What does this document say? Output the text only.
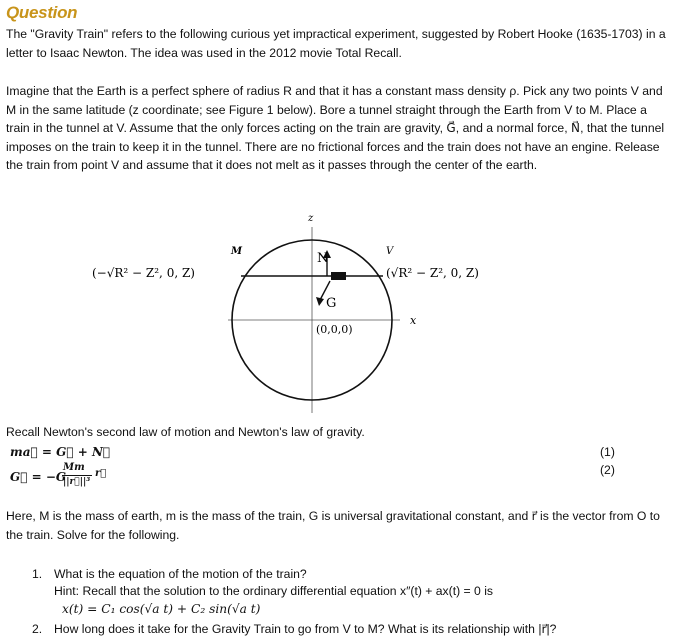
Question
The "Gravity Train" refers to the following curious yet impractical experiment, suggested by Robert Hooke (1635-1703) in a letter to Isaac Newton. The idea was used in the 2012 movie Total Recall.
Imagine that the Earth is a perfect sphere of radius R and that it has a constant mass density ρ. Pick any two points V and M in the same latitude (z coordinate; see Figure 1 below). Bore a tunnel straight through the Earth from V to M. Place a train in the tunnel at V. Assume that the only forces acting on the train are gravity, G⃗, and a normal force, N⃗, that the tunnel imposes on the train to keep it in the tunnel. There are no frictional forces and the train does not have an engine. Release the train from point V and assume that it does not melt as it passes through the center of the earth.
z
x
N
G
(0,0,0)
M	V
(−√R² − Z², 0, Z)	(√R² − Z², 0, Z)
Recall Newton's second law of motion and Newton's law of gravity.
ma⃗ = G⃗ + N⃗	(1)
G⃗ = −G
Mm
||r⃗||³
r⃗	(2)
Here, M is the mass of earth, m is the mass of the train, G is universal gravitational constant, and r⃗ is the vector from O to the train. Solve for the following.
1. What is the equation of the motion of the train?
Hint: Recall that the solution to the ordinary differential equation x″(t) + ax(t) = 0 is
x(t) = C₁ cos(√a t) + C₂ sin(√a t)
2. How long does it take for the Gravity Train to go from V to M? What is its relationship with |r⃗|?
